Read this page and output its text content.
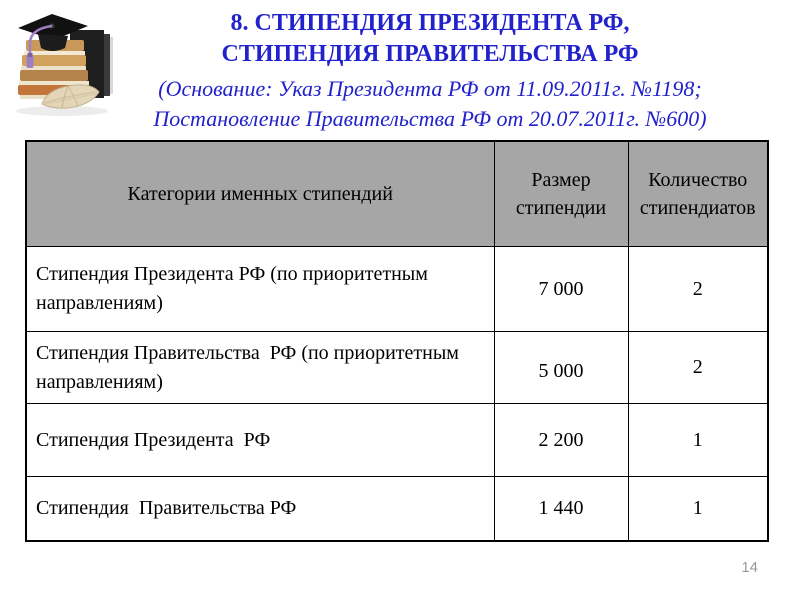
8. СТИПЕНДИЯ ПРЕЗИДЕНТА РФ,
СТИПЕНДИЯ ПРАВИТЕЛЬСТВА РФ
(Основание: Указ Президента РФ от 11.09.2011г. №1198;
Постановление Правительства РФ от 20.07.2011г. №600)
Категории именных стипендий	Размер стипендии	Количество стипендиатов
Стипендия Президента РФ (по приоритетным направлениям)	7 000	2
Стипендия Правительства  РФ (по приоритетным направлениям)	5 000	2
Стипендия Президента  РФ	2 200	1
Стипендия  Правительства РФ	1 440	1
14
